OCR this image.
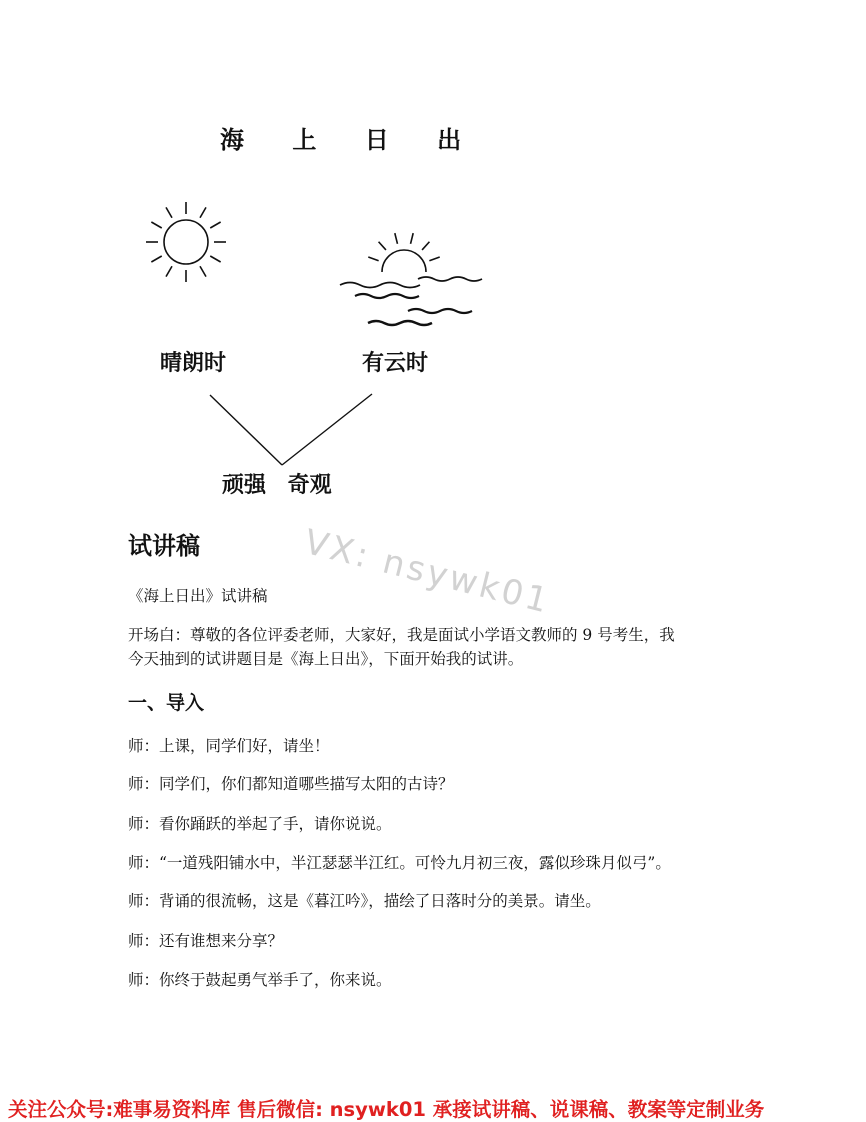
海 上 日 出
晴朗时	有云时
顽强 奇观
VX: nsywk01
试讲稿
《海上日出》试讲稿
开场白：尊敬的各位评委老师，大家好，我是面试小学语文教师的 9 号考生，我
今天抽到的试讲题目是《海上日出》，下面开始我的试讲。
一、导入
师：上课，同学们好，请坐！
师：同学们，你们都知道哪些描写太阳的古诗？
师：看你踊跃的举起了手，请你说说。
师：“一道残阳铺水中，半江瑟瑟半江红。可怜九月初三夜，露似珍珠月似弓”。
师：背诵的很流畅，这是《暮江吟》，描绘了日落时分的美景。请坐。
师：还有谁想来分享？
师：你终于鼓起勇气举手了，你来说。
关注公众号:难事易资料库 售后微信: nsywk01 承接试讲稿、说课稿、教案等定制业务
